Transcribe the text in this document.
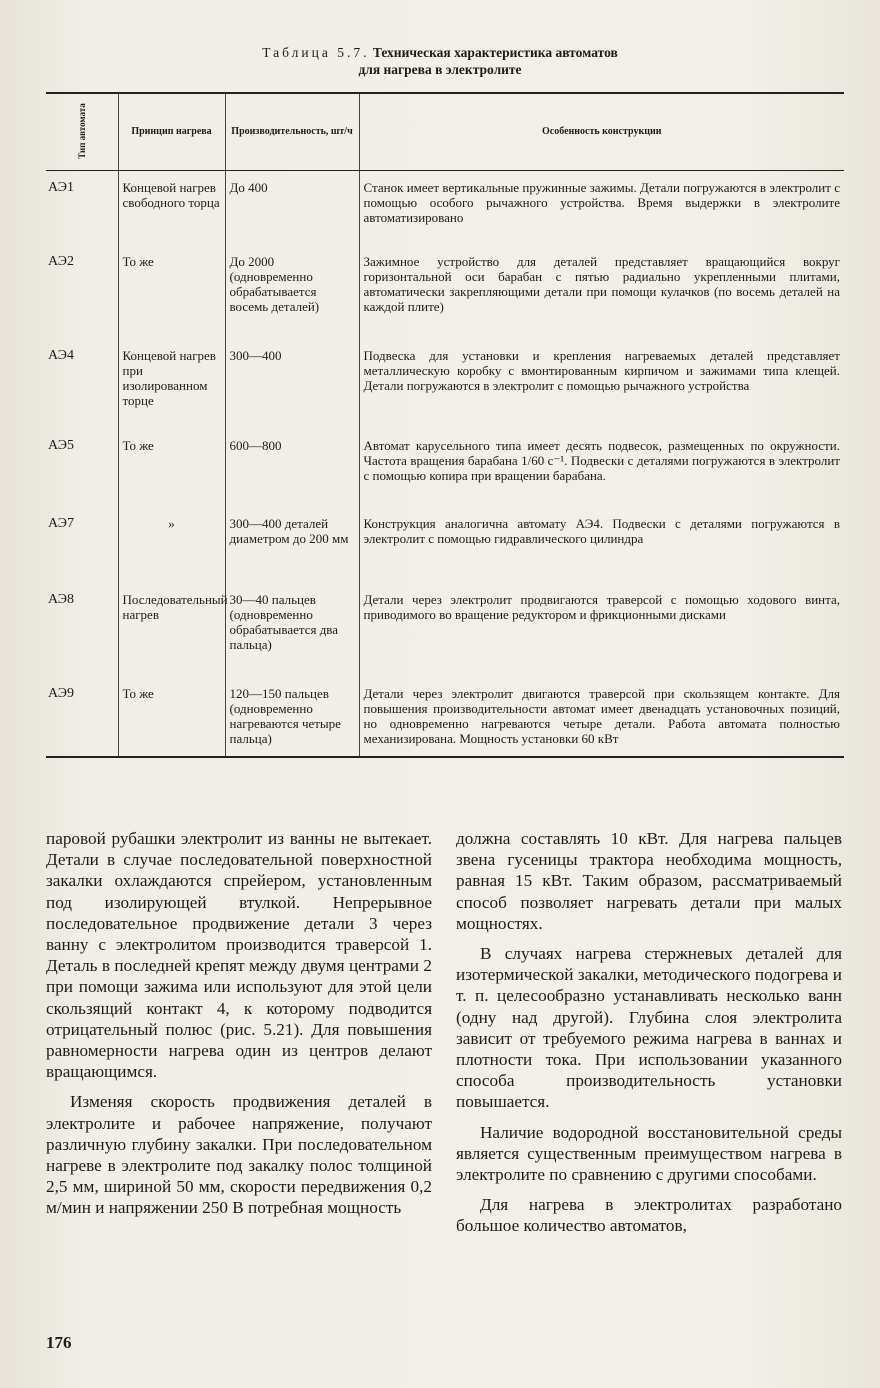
Таблица 5.7. Техническая характеристика автоматов
для нагрева в электролите
Тип автомата	Принцип нагрева	Производительность, шт/ч	Особенность конструкции
АЭ1	Концевой нагрев свободного торца	До 400	Станок имеет вертикальные пружинные зажимы. Детали погружаются в электролит с помощью особого рычажного устройства. Время выдержки в электролите автоматизировано
АЭ2	То же	До 2000 (одновременно обрабатывается восемь деталей)	Зажимное устройство для деталей представляет вращающийся вокруг горизонтальной оси барабан с пятью радиально укрепленными плитами, автоматически закрепляющими детали при помощи кулачков (по восемь деталей на каждой плите)
АЭ4	Концевой нагрев при изолированном торце	300—400	Подвеска для установки и крепления нагреваемых деталей представляет металлическую коробку с вмонтированным кирпичом и зажимами типа клещей. Детали погружаются в электролит с помощью рычажного устройства
АЭ5	То же	600—800	Автомат карусельного типа имеет десять подвесок, размещенных по окружности. Частота вращения барабана 1/60 с⁻¹. Подвески с деталями погружаются в электролит с помощью копира при вращении барабана.
АЭ7	»	300—400 деталей диаметром до 200 мм	Конструкция аналогична автомату АЭ4. Подвески с деталями погружаются в электролит с помощью гидравлического цилиндра
АЭ8	Последовательный нагрев	30—40 пальцев (одновременно обрабатывается два пальца)	Детали через электролит продвигаются траверсой с помощью ходового винта, приводимого во вращение редуктором и фрикционными дисками
АЭ9	То же	120—150 пальцев (одновременно нагреваются четыре пальца)	Детали через электролит двигаются траверсой при скользящем контакте. Для повышения производительности автомат имеет двенадцать установочных позиций, но одновременно нагреваются четыре детали. Работа автомата полностью механизирована. Мощность установки 60 кВт

паровой рубашки электролит из ванны не вытекает. Детали в случае последовательной поверхностной закалки охлаждаются спрейером, установленным под изолирующей втулкой. Непрерывное последовательное продвижение детали 3 через ванну с электролитом производится траверсой 1. Деталь в последней крепят между двумя центрами 2 при помощи зажима или используют для этой цели скользящий контакт 4, к которому подводится отрицательный полюс (рис. 5.21). Для повышения равномерности нагрева один из центров делают вращающимся.

Изменяя скорость продвижения деталей в электролите и рабочее напряжение, получают различную глубину закалки. При последовательном нагреве в электролите под закалку полос толщиной 2,5 мм, шириной 50 мм, скорости передвижения 0,2 м/мин и напряжении 250 В потребная мощность

должна составлять 10 кВт. Для нагрева пальцев звена гусеницы трактора необходима мощность, равная 15 кВт. Таким образом, рассматриваемый способ позволяет нагревать детали при малых мощностях.

В случаях нагрева стержневых деталей для изотермической закалки, методического подогрева и т. п. целесообразно устанавливать несколько ванн (одну над другой). Глубина слоя электролита зависит от требуемого режима нагрева в ваннах и плотности тока. При использовании указанного способа производительность установки повышается.

Наличие водородной восстановительной среды является существенным преимуществом нагрева в электролите по сравнению с другими способами.

Для нагрева в электролитах разработано большое количество автоматов,

176
